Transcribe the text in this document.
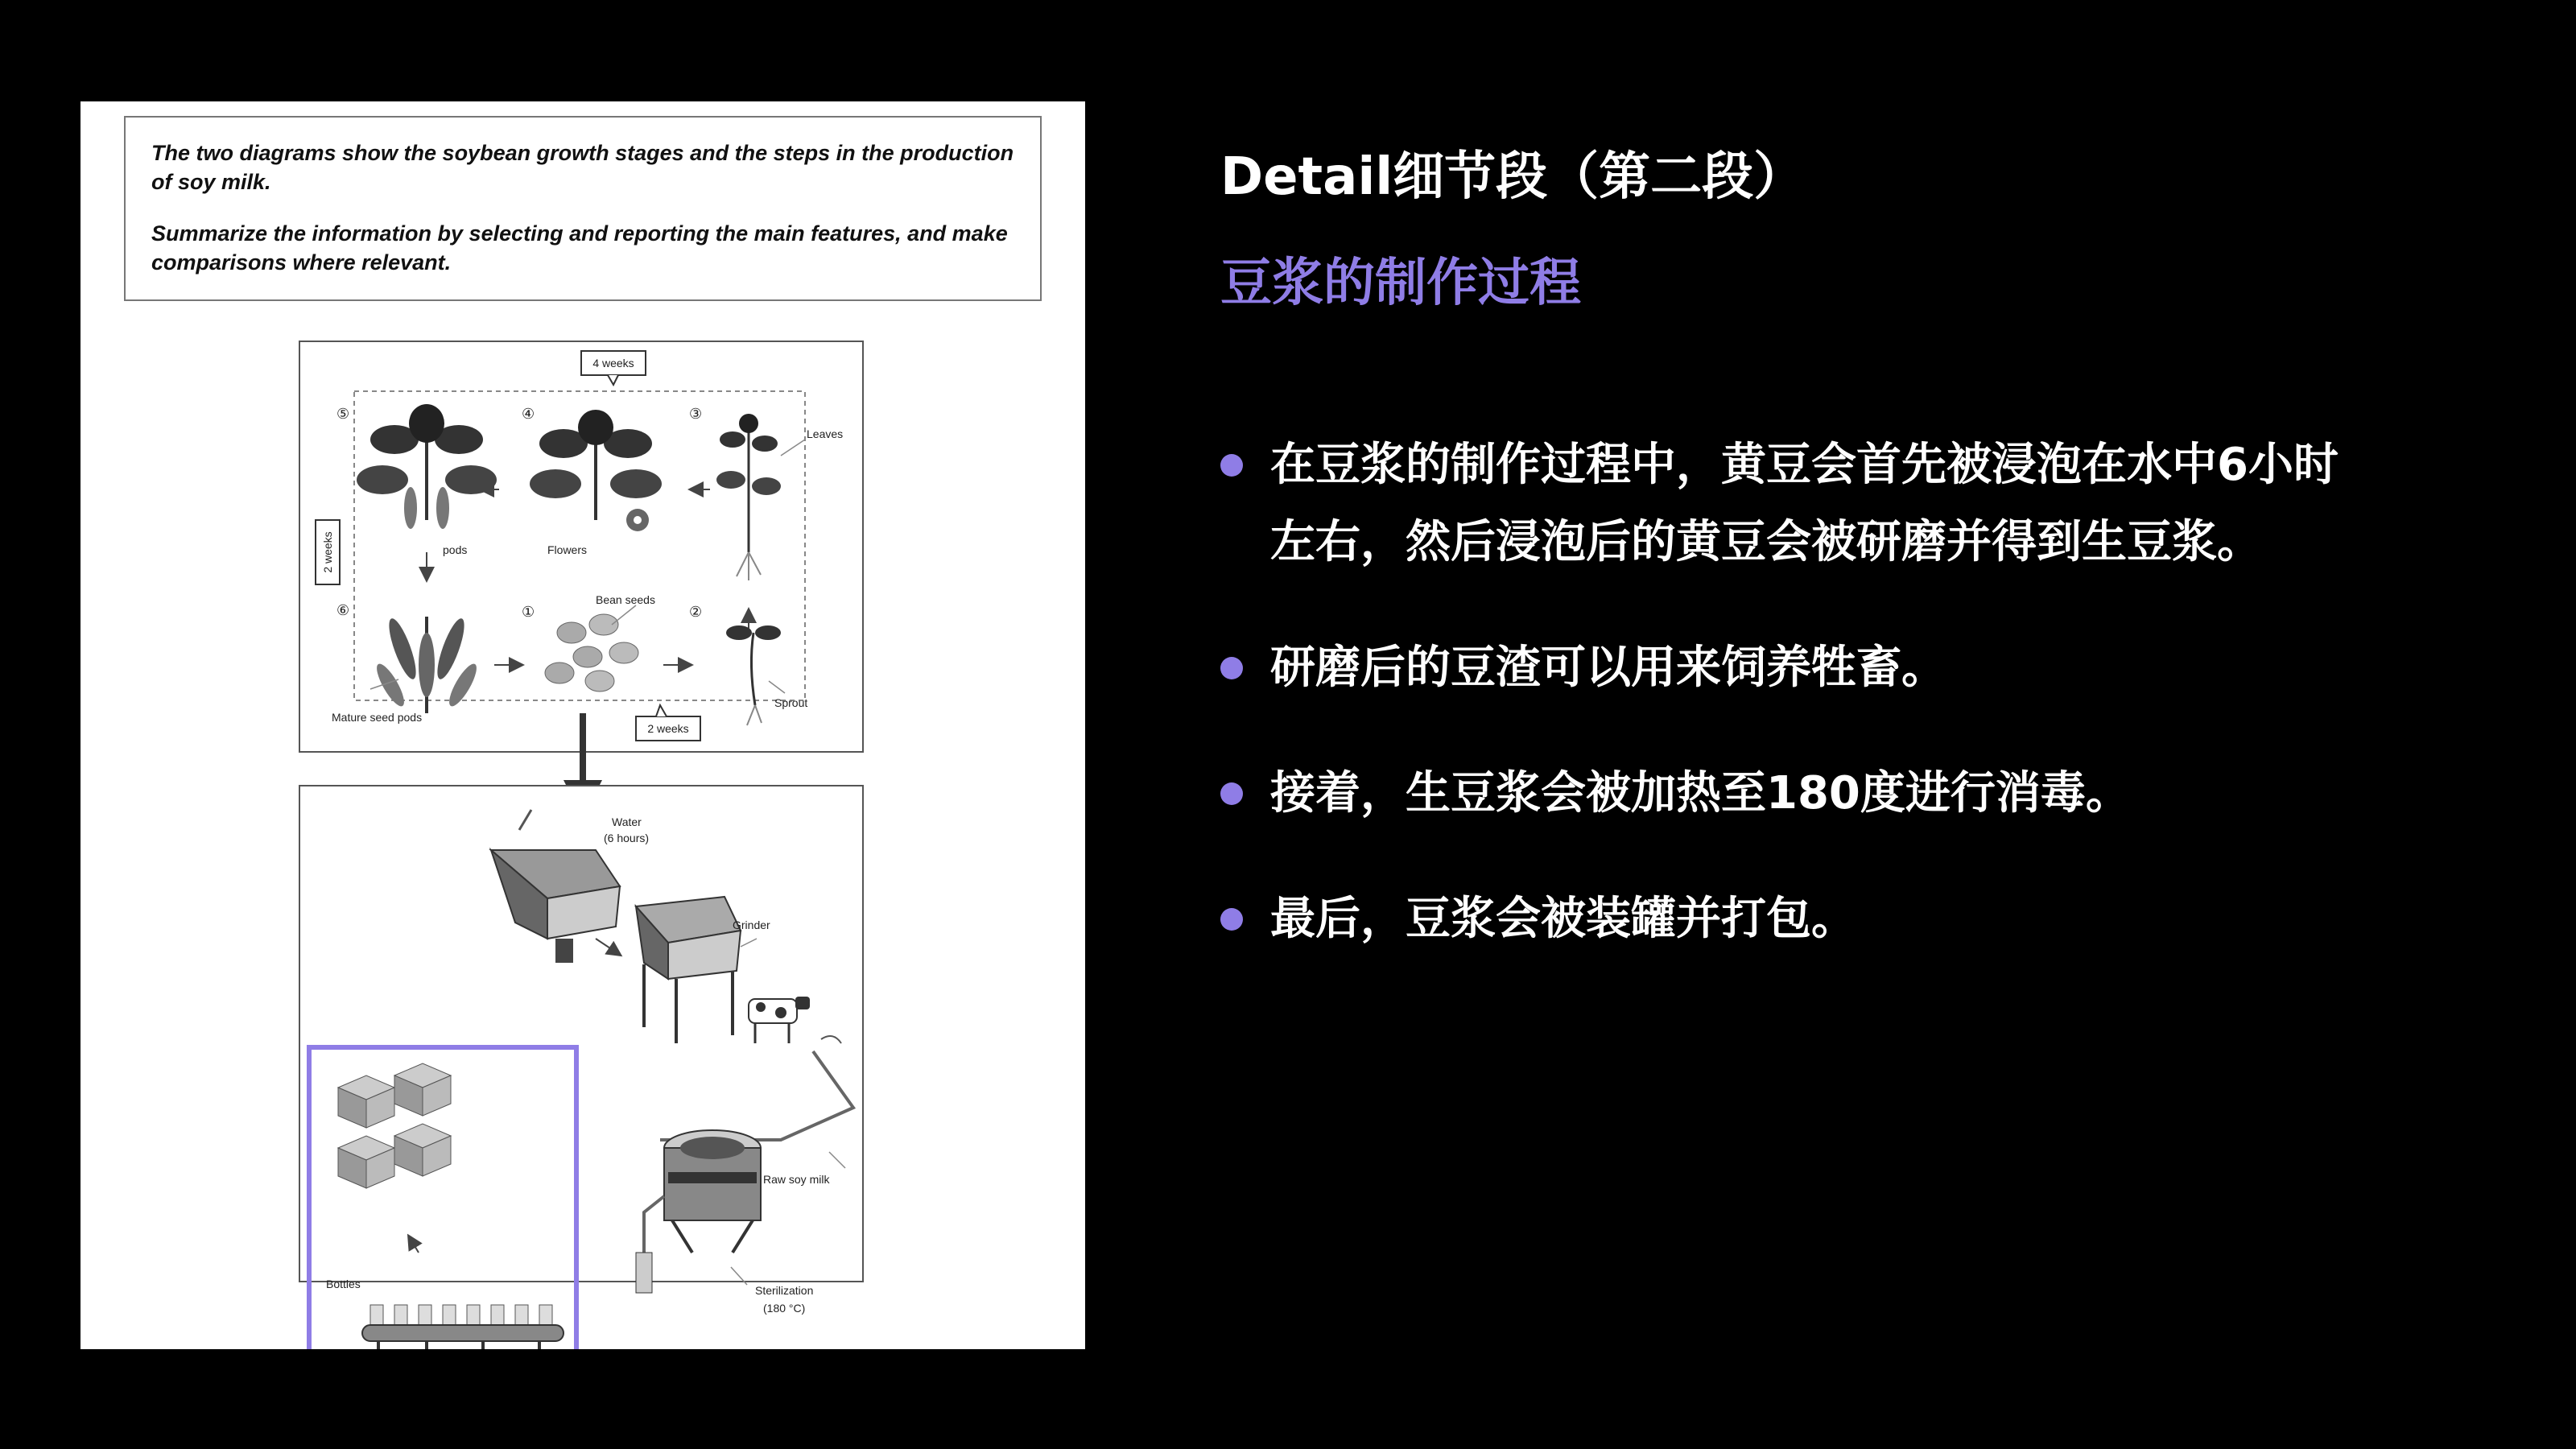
The two diagrams show the soybean growth stages and the steps in the production of soy milk.

Summarize the information by selecting and reporting the main features, and make comparisons where relevant.

4 weeks
2 weeks
2 weeks
⑤
pods
④
Flowers
③
Leaves
⑥
Mature seed pods
①
Bean seeds
②
Sprout
Water
(6 hours)
Grinder
Raw soy milk
Sterilization
(180 °C)
Bottles
Detail细节段（第二段）
豆浆的制作过程
在豆浆的制作过程中，黄豆会首先被浸泡在水中6小时左右，然后浸泡后的黄豆会被研磨并得到生豆浆。
研磨后的豆渣可以用来饲养牲畜。
接着，生豆浆会被加热至180度进行消毒。
最后，豆浆会被装罐并打包。
